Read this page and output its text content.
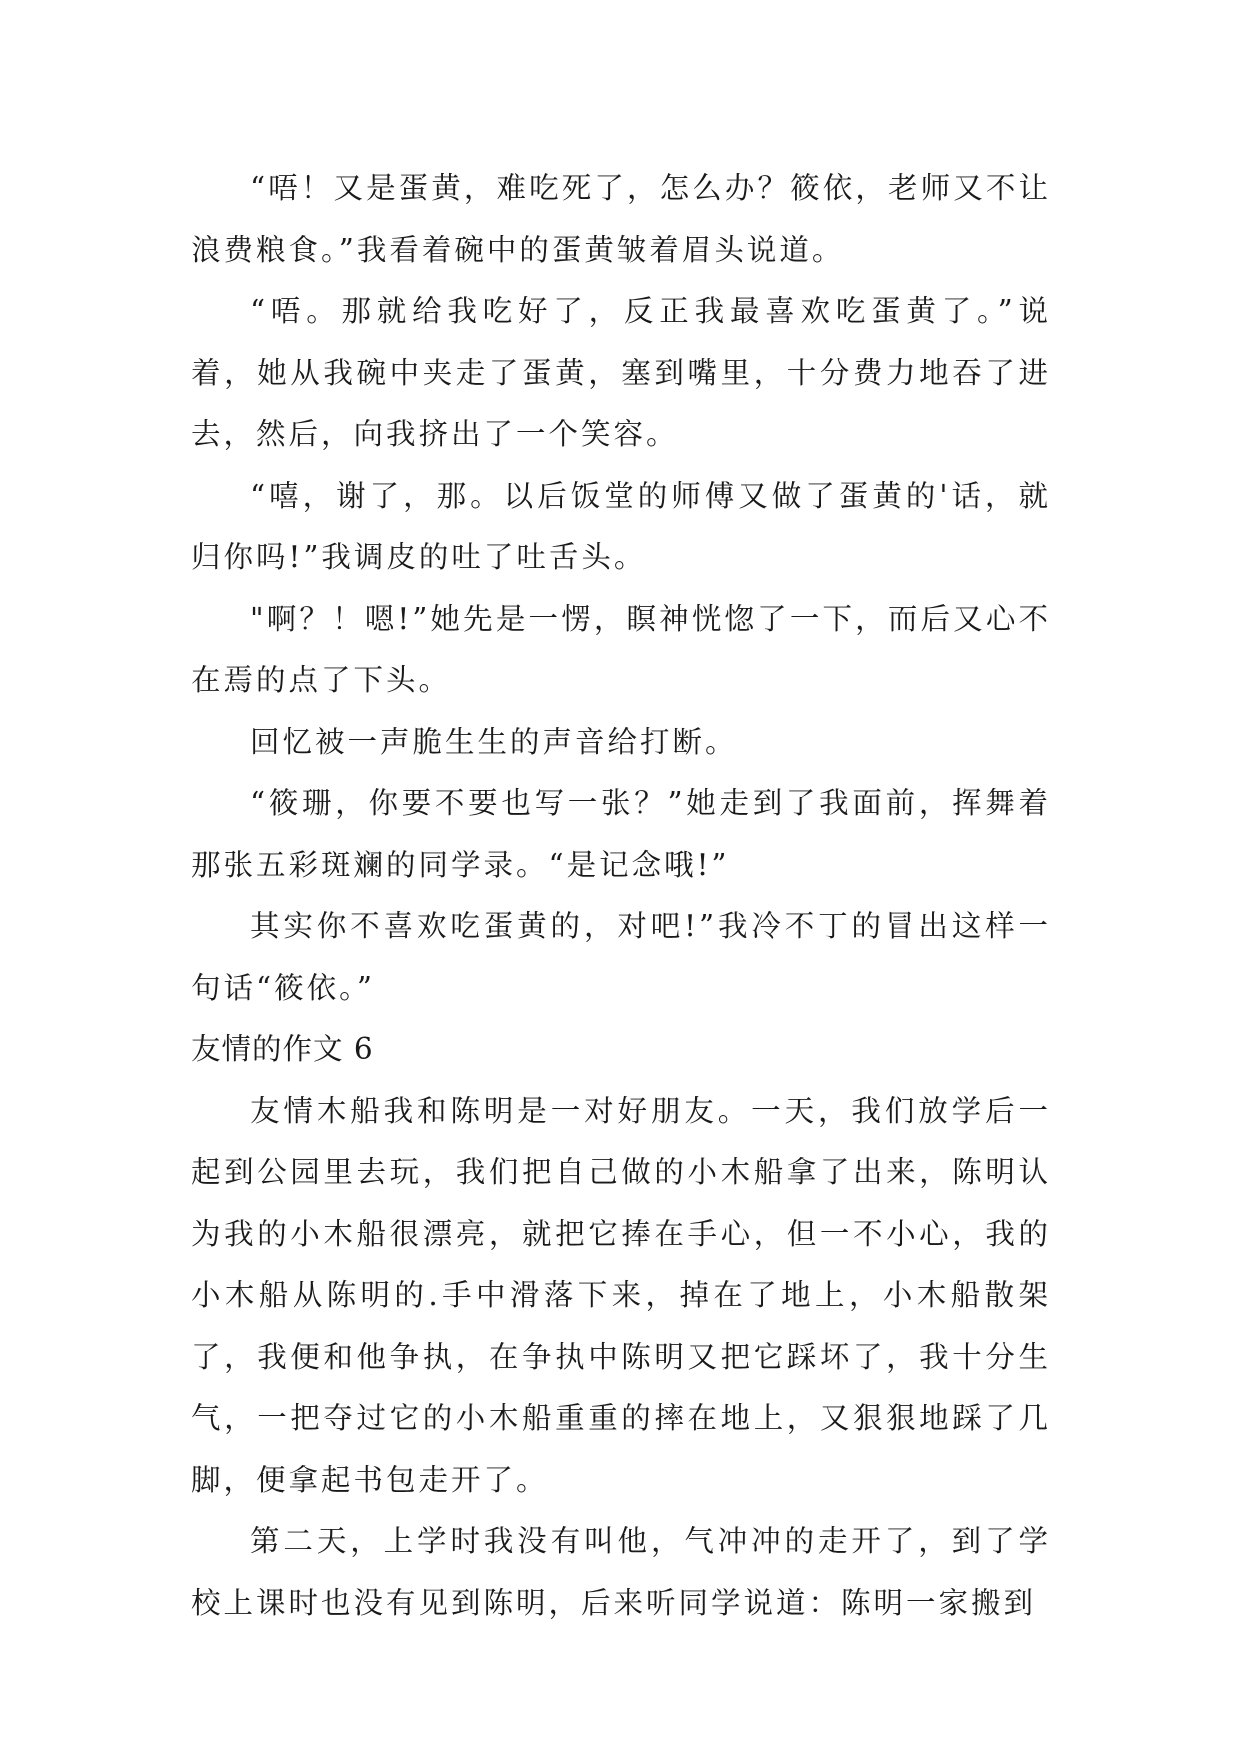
“唔！又是蛋黄，难吃死了，怎么办？筱依，老师又不让浪费粮食。”我看着碗中的蛋黄皱着眉头说道。

“唔。那就给我吃好了，反正我最喜欢吃蛋黄了。”说着，她从我碗中夹走了蛋黄，塞到嘴里，十分费力地吞了进去，然后，向我挤出了一个笑容。

“嘻，谢了，那。以后饭堂的师傅又做了蛋黄的'话，就归你吗!”我调皮的吐了吐舌头。

"啊？！嗯!”她先是一愣，瞑神恍惚了一下，而后又心不在焉的点了下头。

回忆被一声脆生生的声音给打断。

“筱珊，你要不要也写一张？”她走到了我面前，挥舞着那张五彩斑斓的同学录。“是记念哦!”

其实你不喜欢吃蛋黄的，对吧!”我冷不丁的冒出这样一句话“筱依。”

友情的作文 6

友情木船我和陈明是一对好朋友。一天，我们放学后一起到公园里去玩，我们把自己做的小木船拿了出来，陈明认为我的小木船很漂亮，就把它捧在手心，但一不小心，我的小木船从陈明的.手中滑落下来，掉在了地上，小木船散架了，我便和他争执，在争执中陈明又把它踩坏了，我十分生气，一把夺过它的小木船重重的摔在地上，又狠狠地踩了几脚，便拿起书包走开了。

第二天，上学时我没有叫他，气冲冲的走开了，到了学校上课时也没有见到陈明，后来听同学说道：陈明一家搬到
